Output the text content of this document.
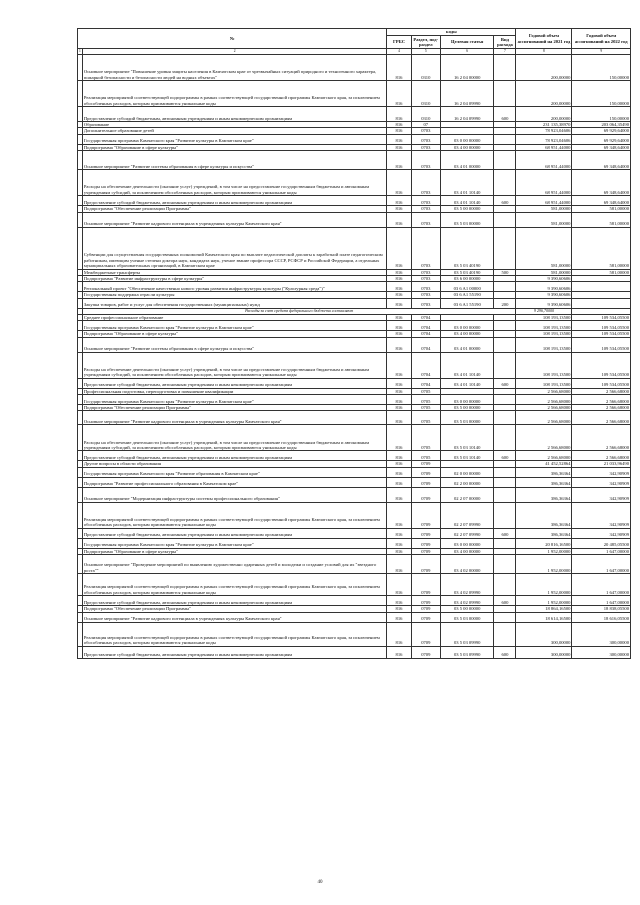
№		коды				Годовой объем ассигнований на 2021 год	Годовой объем ассигнований на 2022 год
		ГРБС	Раздел, под-раздел	Целевая статья	Вид расхода		
1	2	4	5	6	7	8	9
	Основное мероприятие "Повышение уровня защиты населения в Камчатском крае от чрезвычайных ситуаций природного и техногенного характера, пожарной безопасности и безопасности людей на водных объектах"	816	0310	16 2 04 00000		200,00000	150,00000
	Реализация мероприятий соответствующей подпрограммы в рамках соответствующей государственной программы Камчатского края, за исключением обособленных расходов, которым присваиваются уникальные коды	816	0310	16 2 04 09990		200,00000	150,00000
	Предоставление субсидий бюджетным, автономным учреждениям и иным некоммерческим организациям	816	0310	16 2 04 09990	600	200,00000	150,00000
	Образование	816	07			231 135,38970	203 064,35490
	Дополнительное образование детей	816	0703			78 923,04606	69 929,64000
	Государственная программа Камчатского края "Развитие культуры в Камчатском крае"	816	0703	03 0 00 00000		78 923,04606	69 929,64000
	Подпрограмма "Образование в сфере культуры"	816	0703	03 4 00 00000		68 951,44000	69 348,64000
	Основное мероприятие "Развитие системы образования в сфере культуры и искусства"	816	0703	03 4 01 00000		68 951,44000	69 348,64000
	Расходы на обеспечение деятельности (оказание услуг) учреждений, в том числе на предоставление государственным бюджетным и автономным учреждениям субсидий, за исключением обособленных расходов, которым присваиваются уникальные коды	816	0703	03 4 01 10140		68 951,44000	69 348,64000
	Предоставление субсидий бюджетным, автономным учреждениям и иным некоммерческим организациям	816	0703	03 4 01 10140	600	68 951,44000	69 348,64000
	Подпрограмма "Обеспечение реализации Программы"	816	0703	03 5 00 00000		581,00000	581,00000
	Основное мероприятие "Развитие кадрового потенциала в учреждениях культуры Камчатского края"	816	0703	03 5 03 00000		581,00000	581,00000
	Субвенции для осуществления государственных полномочий Камчатского края по выплате педагогической доплаты к заработной плате педагогическим работникам, имеющим ученые степени доктора наук, кандидата наук, ученое звание профессора СССР, РСФСР и Российской Федерации, а отдельных муниципальных образовательных организаций, в Камчатском крае	816	0703	03 5 03 40190		581,00000	581,00000
	Межбюджетные трансферты	816	0703	03 5 03 40190	500	581,00000	581,00000
	Подпрограмма "Развитие инфраструктуры в сфере культуры"	816	0703	03 6 00 00000		9 390,60606	
	Региональный проект "Обеспечение качественно нового уровня развития инфраструктуры культуры ("Культурная среда")"	816	0703	03 6 A1 00000		9 390,60606	
	Государственная поддержка отрасли культуры	816	0703	03 6 A1 55190		9 390,60606	
	Закупка товаров, работ и услуг для обеспечения государственных (муниципальных) нужд	816	0703	03 6 A1 55190	200	9 390,60606	
	Расходы за счет средств федерального бюджета составляют					9 296,70000	
	Среднее профессиональное образование	816	0704			108 193,13500	109 534,05500
	Государственная программа Камчатского края "Развитие культуры в Камчатском крае"	816	0704	03 0 00 00000		108 193,13500	109 534,05500
	Подпрограмма "Образование в сфере культуры"	816	0704	03 4 00 00000		108 193,13500	109 534,05500
	Основное мероприятие "Развитие системы образования в сфере культуры и искусства"	816	0704	03 4 01 00000		108 193,13500	109 534,05500
	Расходы на обеспечение деятельности (оказание услуг) учреждений, в том числе на предоставление государственным бюджетным и автономным учреждениям субсидий, за исключением обособленных расходов, которым присваиваются уникальные коды	816	0704	03 4 01 10140		108 193,13500	109 534,05500
	Предоставление субсидий бюджетным, автономным учреждениям и иным некоммерческим организациям	816	0704	03 4 01 10140	600	108 193,13500	109 534,05500
	Профессиональная подготовка, переподготовка и повышение квалификации	816	0705			2 566,68000	2 566,68000
	Государственная программа Камчатского края "Развитие культуры в Камчатском крае"	816	0705	03 0 00 00000		2 566,68000	2 566,68000
	Подпрограмма "Обеспечение реализации Программы"	816	0705	03 5 00 00000		2 566,68000	2 566,68000
	Основное мероприятие "Развитие кадрового потенциала в учреждениях культуры Камчатского края"	816	0705	03 5 03 00000		2 566,68000	2 566,68000
	Расходы на обеспечение деятельности (оказание услуг) учреждений, в том числе на предоставление государственным бюджетным и автономным учреждениям субсидий, за исключением обособленных расходов, которым присваиваются уникальные коды	816	0705	03 5 03 10140		2 566,68000	2 566,68000
	Предоставление субсидий бюджетным, автономным учреждениям и иным некоммерческим организациям	816	0705	03 5 03 10140	600	2 566,68000	2 566,68000
	Другие вопросы в области образования	816	0709			41 452,52864	21 033,96490
	Государственная программа Камчатского края "Развитие образования в Камчатском крае"	816	0709	02 0 00 00000		386,36364	342,90909
	Подпрограмма "Развитие профессионального образования в Камчатском крае"	816	0709	02 2 00 00000		386,36364	342,90909
	Основное мероприятие "Модернизация инфраструктуры системы профессионального образования"	816	0709	02 2 07 00000		386,36364	342,90909
	Реализация мероприятий соответствующей подпрограммы в рамках соответствующей государственной программы Камчатского края, за исключением обособленных расходов, которым присваиваются уникальные коды	816	0709	02 2 07 09990		386,36364	342,90909
	Предоставление субсидий бюджетным, автономным учреждениям и иным некоммерческим организациям	816	0709	02 2 07 09990	600	386,36364	342,90909
	Государственная программа Камчатского края "Развитие культуры в Камчатском крае"	816	0709	03 0 00 00000		20 816,16500	20 485,05500
	Подпрограмма "Образование в сфере культуры"	816	0709	03 4 00 00000		1 952,00000	1 647,00000
	Основное мероприятие "Проведение мероприятий по выявлению художественно одаренных детей и молодежи и создание условий для их "звездного роста""	816	0709	03 4 02 00000		1 952,00000	1 647,00000
	Реализация мероприятий соответствующей подпрограммы в рамках соответствующей государственной программы Камчатского края, за исключением обособленных расходов, которым присваиваются уникальные коды	816	0709	03 4 02 09990		1 952,00000	1 647,00000
	Предоставление субсидий бюджетным, автономным учреждениям и иным некоммерческим организациям	816	0709	03 4 02 09990	600	1 952,00000	1 647,00000
	Подпрограмма "Обеспечение реализации Программы"	816	0709	03 5 00 00000		18 864,16500	18 838,05500
	Основное мероприятие "Развитие кадрового потенциала в учреждениях культуры Камчатского края"	816	0709	03 5 03 00000		18 614,16500	18 616,05500
	Реализация мероприятий соответствующей подпрограммы в рамках соответствующей государственной программы Камчатского края, за исключением обособленных расходов, которым присваиваются уникальные коды	816	0709	03 5 03 09990		300,00000	300,00000
	Предоставление субсидий бюджетным, автономным учреждениям и иным некоммерческим организациям	816	0709	03 5 03 09990	600	300,00000	300,00000
40
